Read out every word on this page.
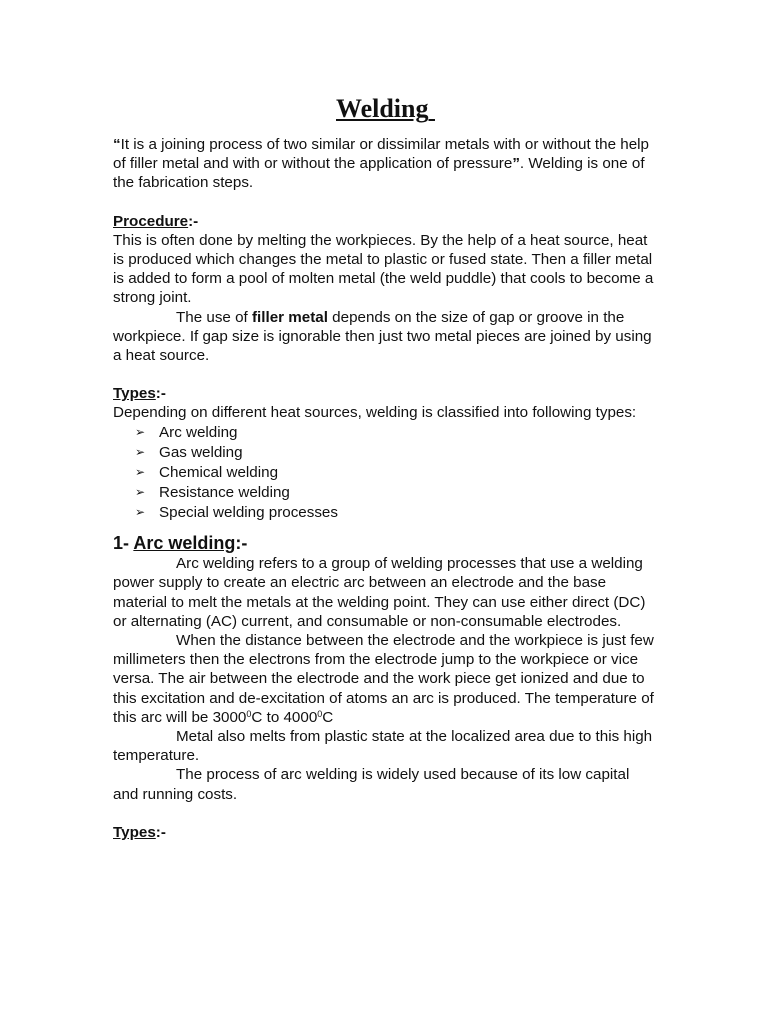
Welding

“It is a joining process of two similar or dissimilar metals with or without the help of filler metal and with or without the application of pressure”. Welding is one of the fabrication steps.

Procedure:-

This is often done by melting the workpieces. By the help of a heat source, heat is produced which changes the metal to plastic or fused state. Then a filler metal is added to form a pool of molten metal (the weld puddle) that cools to become a strong joint.

The use of filler metal depends on the size of gap or groove in the workpiece. If gap size is ignorable then just two metal pieces are joined by using a heat source.

Types:-

Depending on different heat sources, welding is classified into following types:

➢ Arc welding
➢ Gas welding
➢ Chemical welding
➢ Resistance welding
➢ Special welding processes

1- Arc welding:-

Arc welding refers to a group of welding processes that use a welding power supply to create an electric arc between an electrode and the base material to melt the metals at the welding point. They can use either direct (DC) or alternating (AC) current, and consumable or non-consumable electrodes.

When the distance between the electrode and the workpiece is just few millimeters then the electrons from the electrode jump to the workpiece or vice versa. The air between the electrode and the work piece get ionized and due to this excitation and de-excitation of atoms an arc is produced. The temperature of this arc will be 3000$^0$C to 4000$^0$C

Metal also melts from plastic state at the localized area due to this high temperature.

The process of arc welding is widely used because of its low capital and running costs.

Types:-
